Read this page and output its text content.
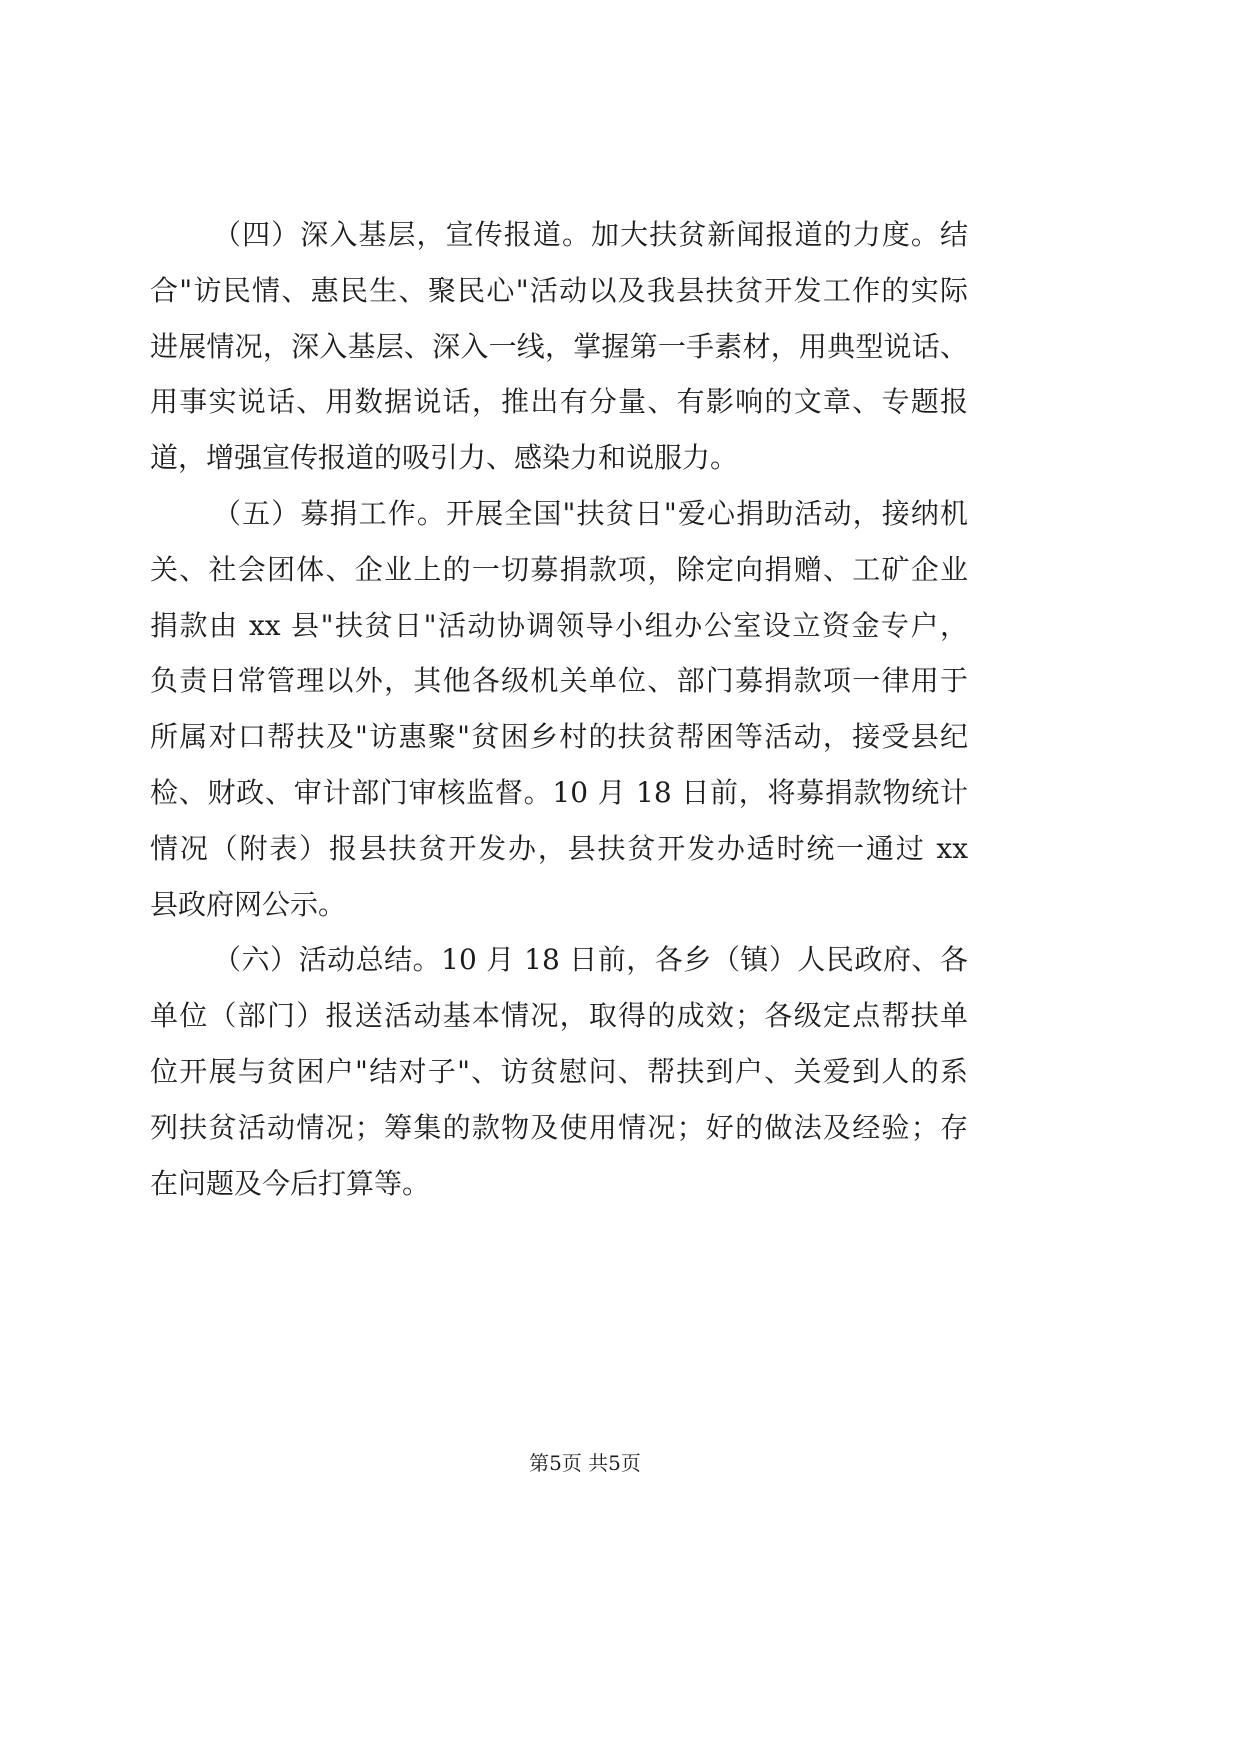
（四）深入基层，宣传报道。加大扶贫新闻报道的力度。结
合"访民情、惠民生、聚民心"活动以及我县扶贫开发工作的实际
进展情况，深入基层、深入一线，掌握第一手素材，用典型说话、
用事实说话、用数据说话，推出有分量、有影响的文章、专题报
道，增强宣传报道的吸引力、感染力和说服力。
（五）募捐工作。开展全国"扶贫日"爱心捐助活动，接纳机
关、社会团体、企业上的一切募捐款项，除定向捐赠、工矿企业
捐款由 xx 县"扶贫日"活动协调领导小组办公室设立资金专户，
负责日常管理以外，其他各级机关单位、部门募捐款项一律用于
所属对口帮扶及"访惠聚"贫困乡村的扶贫帮困等活动，接受县纪
检、财政、审计部门审核监督。10 月 18 日前，将募捐款物统计
情况（附表）报县扶贫开发办，县扶贫开发办适时统一通过 xx
县政府网公示。
（六）活动总结。10 月 18 日前，各乡（镇）人民政府、各
单位（部门）报送活动基本情况，取得的成效；各级定点帮扶单
位开展与贫困户"结对子"、访贫慰问、帮扶到户、关爱到人的系
列扶贫活动情况；筹集的款物及使用情况；好的做法及经验；存
在问题及今后打算等。
第5页 共5页
